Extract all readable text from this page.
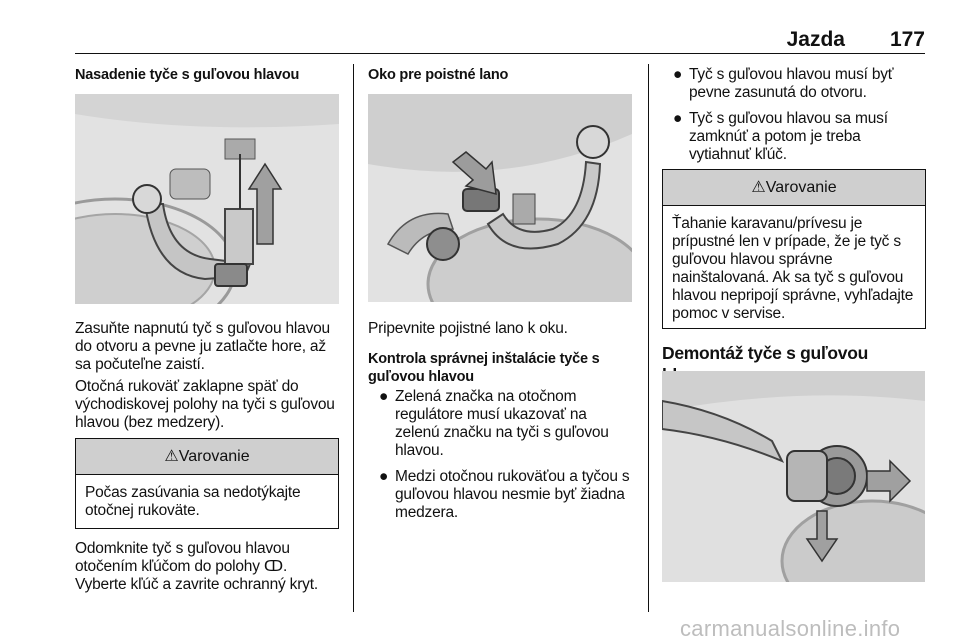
Jazda 177
Nasadenie tyče s guľovou hlavou

Zasuňte napnutú tyč s guľovou hlavou do otvoru a pevne ju zatlačte hore, až sa počuteľne zaistí.

Otočná rukoväť zaklapne späť do východiskovej polohy na tyči s guľovou hlavou (bez medzery).

⚠Varovanie

Počas zasúvania sa nedotýkajte otočnej rukoväte.

Odomknite tyč s guľovou hlavou otočením kľúčom do polohy ↀ.

Vyberte kľúč a zavrite ochranný kryt.

Oko pre poistné lano

Pripevnite pojistné lano k oku.

Kontrola správnej inštalácie tyče s guľovou hlavou
● Zelená značka na otočnom regulátore musí ukazovať na zelenú značku na tyči s guľovou hlavou.
● Medzi otočnou rukoväťou a tyčou s guľovou hlavou nesmie byť žiadna medzera.
● Tyč s guľovou hlavou musí byť pevne zasunutá do otvoru.
● Tyč s guľovou hlavou sa musí zamknúť a potom je treba vytiahnuť kľúč.
⚠Varovanie

Ťahanie karavanu/prívesu je prípustné len v prípade, že je tyč s guľovou hlavou správne nainštalovaná. Ak sa tyč s guľovou hlavou nepripojí správne, vyhľadajte pomoc v servise.

Demontáž tyče s guľovou
carmanualsonline.info
